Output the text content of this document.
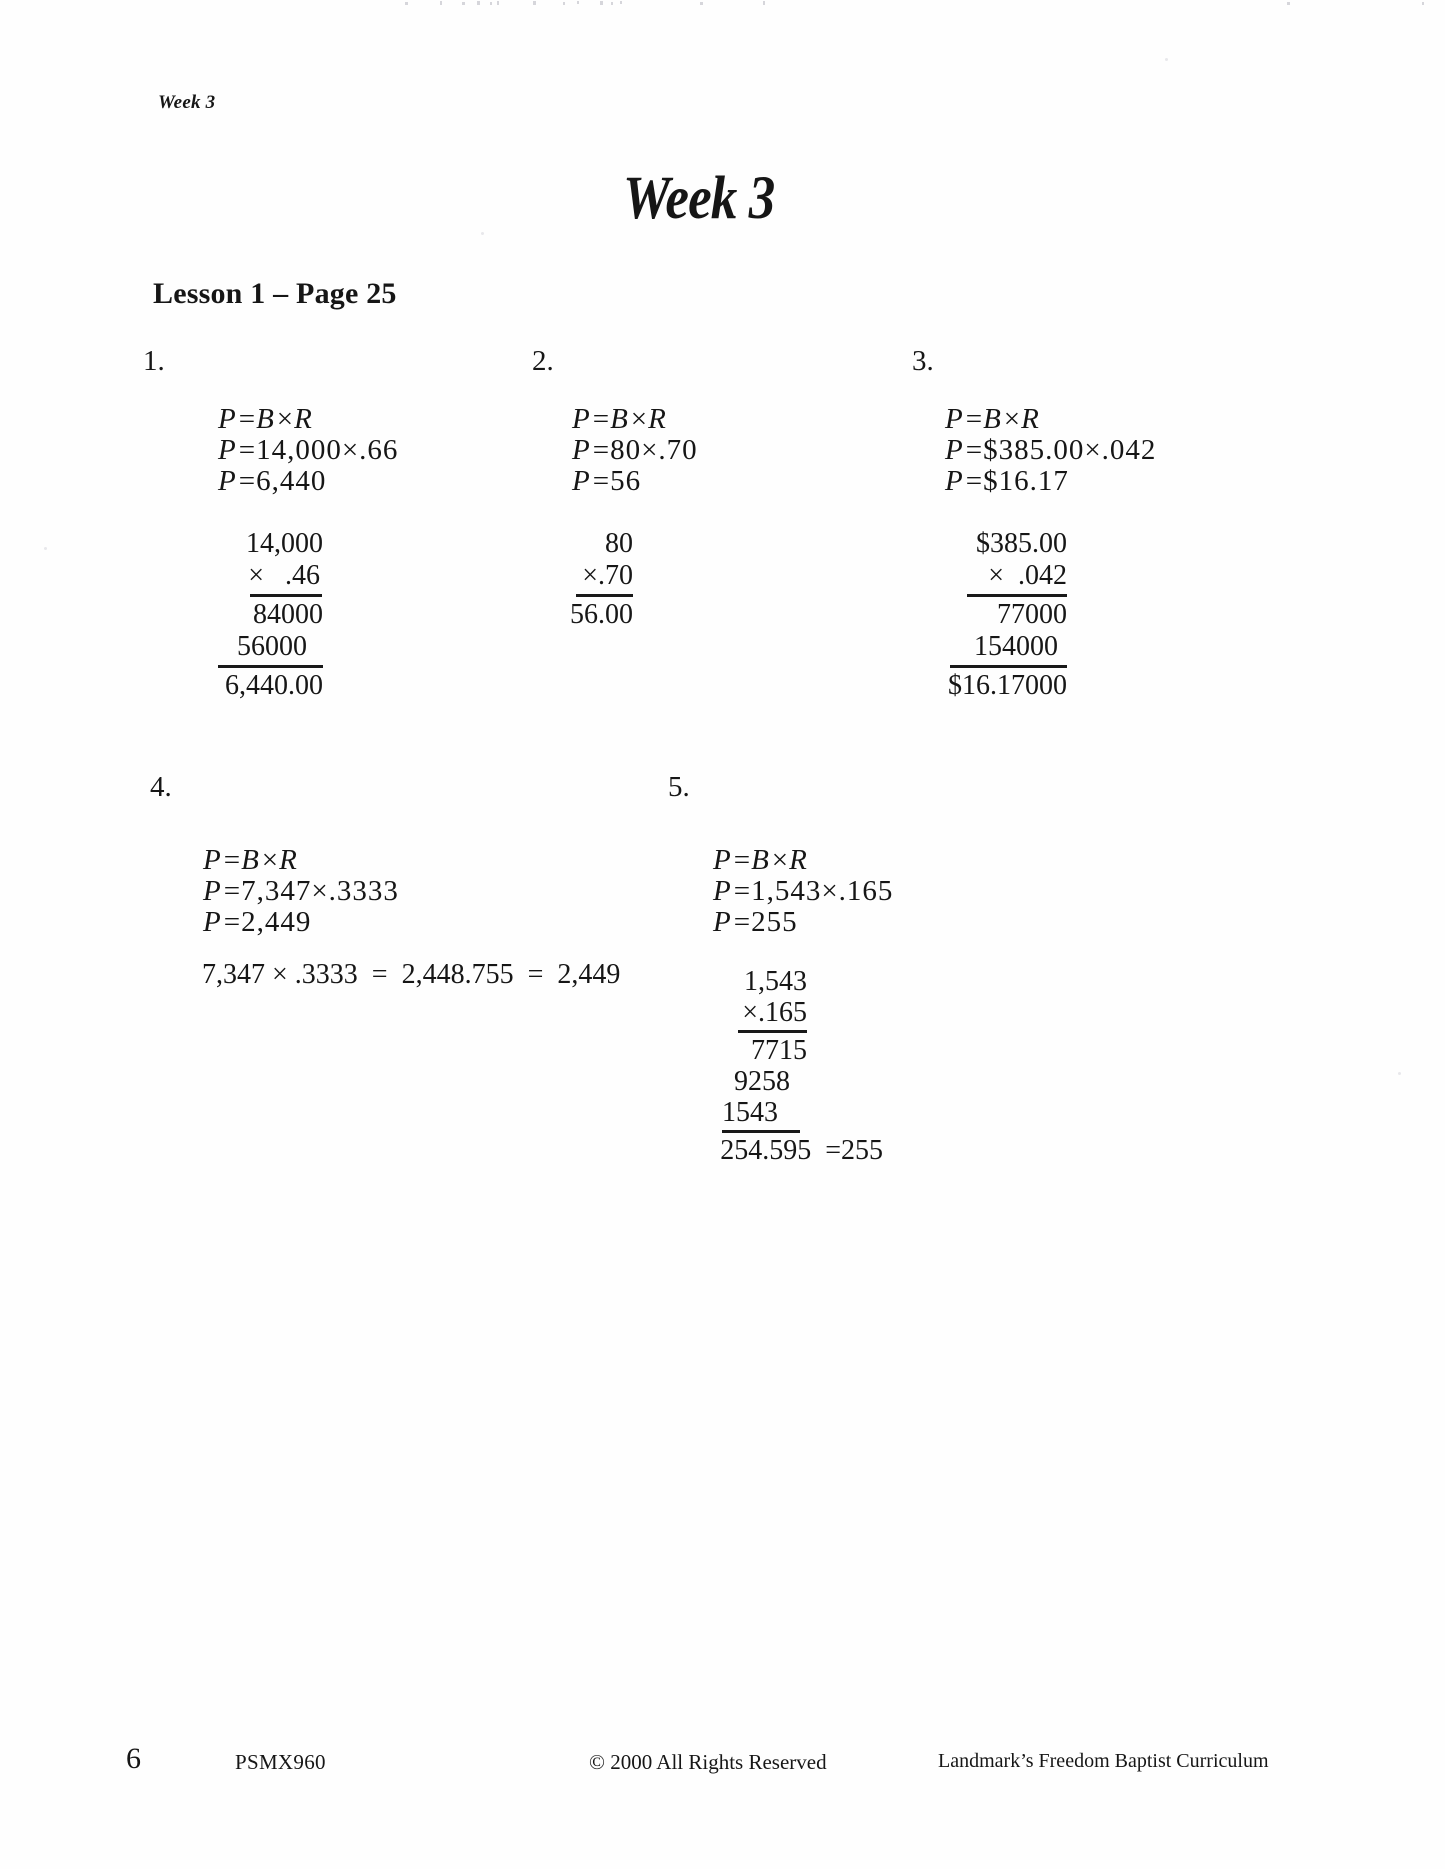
Week 3
Week 3
Lesson 1 – Page 25
1.
P=B×R
P=14,000×.66
P=6,440
14,000
×   .46
84000
56000
6,440.00
2.
P=B×R
P=80×.70
P=56
80
×.70
56.00
3.
P=B×R
P=$385.00×.042
P=$16.17
$385.00
×  .042
77000
154000
$16.17000
4.
P=B×R
P=7,347×.3333
P=2,449
7,347 × .3333  =  2,448.755  =  2,449
5.
P=B×R
P=1,543×.165
P=255
1,543
×.165
7715
9258
1543
254.595  =255
6	PSMX960	© 2000 All Rights Reserved	Landmark’s Freedom Baptist Curriculum
